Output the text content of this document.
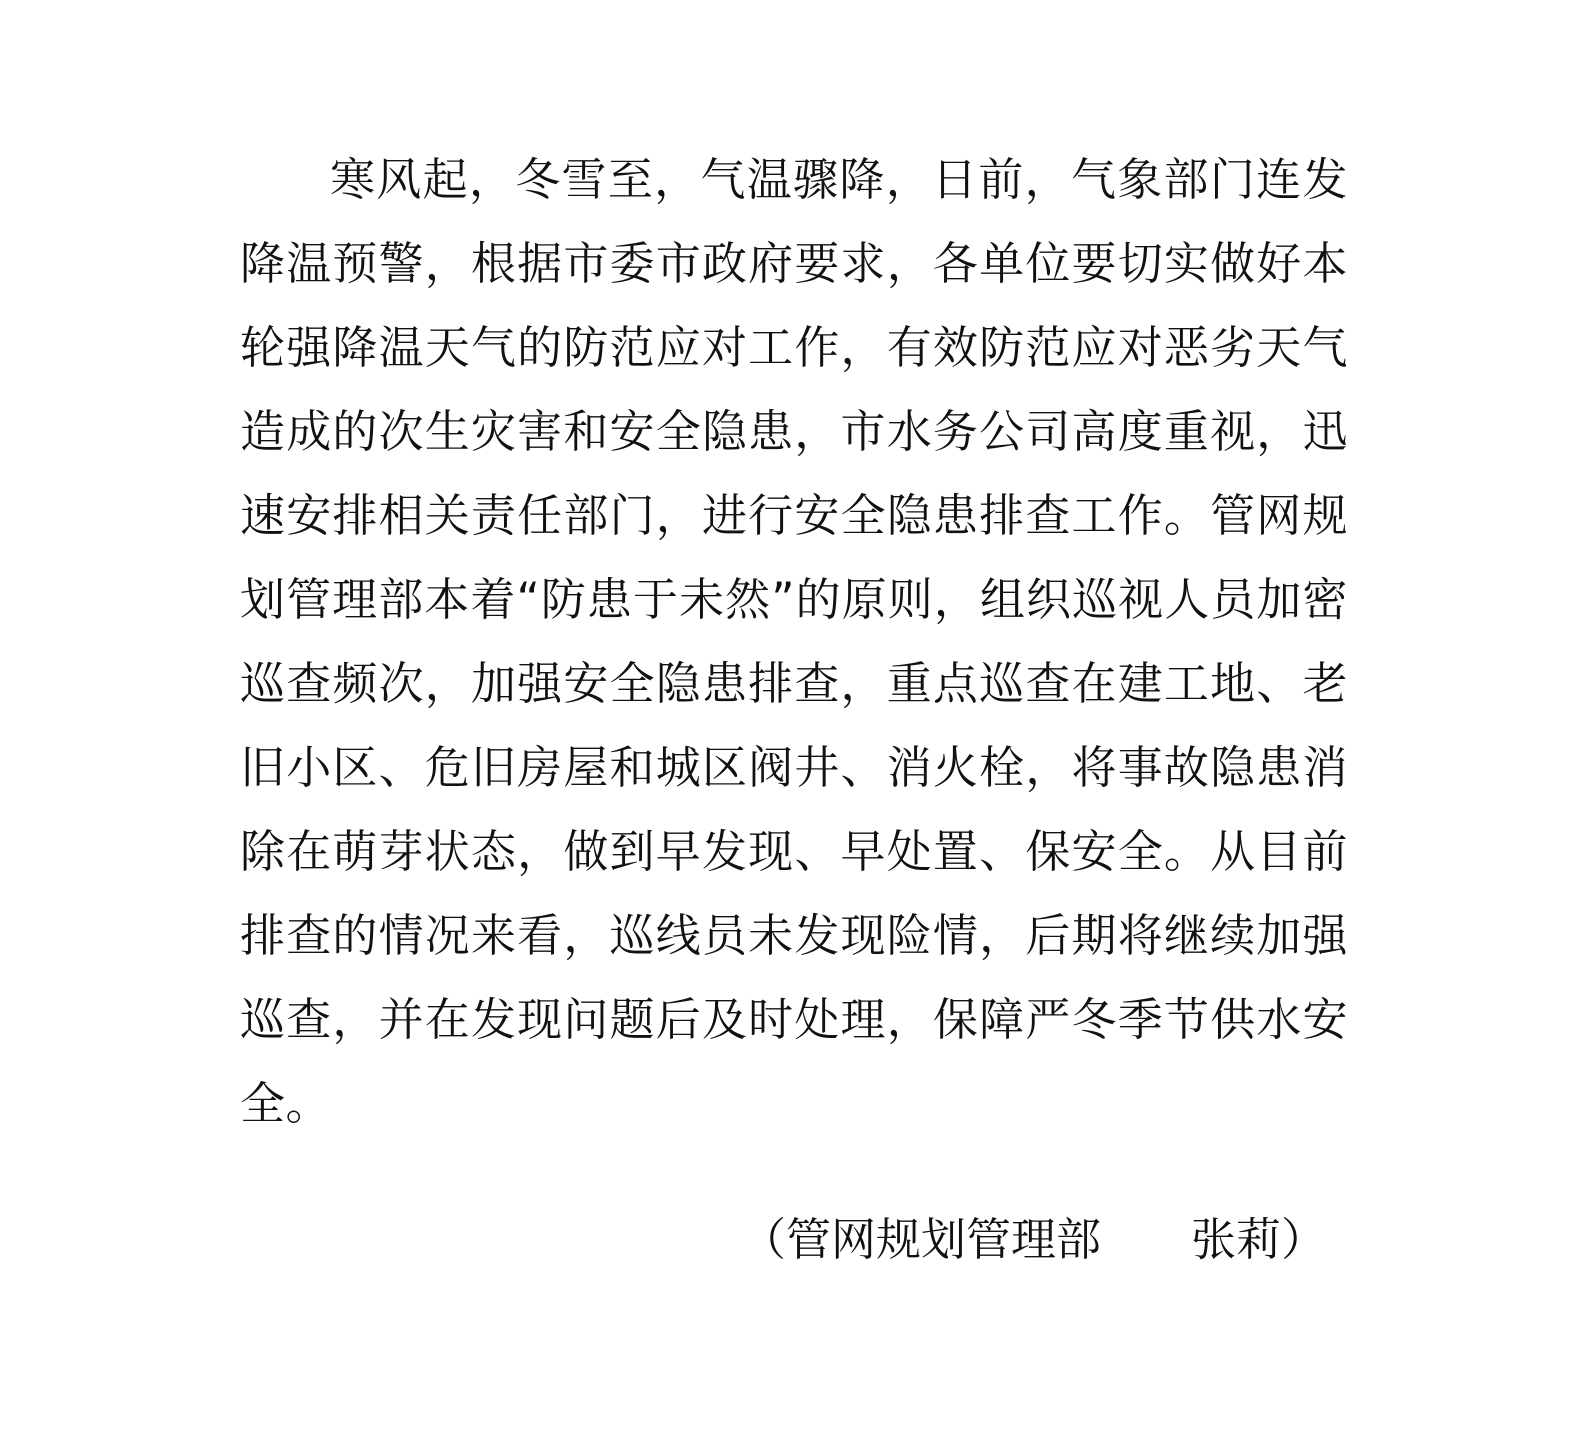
寒风起，冬雪至，气温骤降，日前，气象部门连发降温预警，根据市委市政府要求，各单位要切实做好本轮强降温天气的防范应对工作，有效防范应对恶劣天气造成的次生灾害和安全隐患，市水务公司高度重视，迅速安排相关责任部门，进行安全隐患排查工作。管网规划管理部本着“防患于未然”的原则，组织巡视人员加密巡查频次，加强安全隐患排查，重点巡查在建工地、老旧小区、危旧房屋和城区阀井、消火栓，将事故隐患消除在萌芽状态，做到早发现、早处置、保安全。从目前排查的情况来看，巡线员未发现险情，后期将继续加强巡查，并在发现问题后及时处理，保障严冬季节供水安全。

（管网规划管理部　　张莉）
